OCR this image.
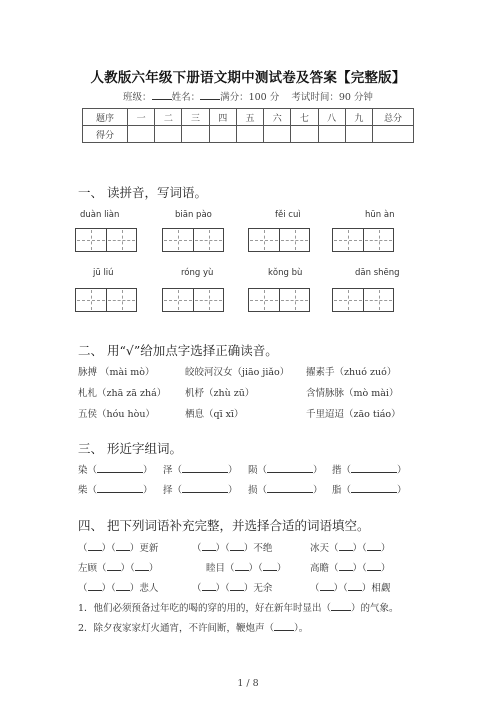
人教版六年级下册语文期中测试卷及答案【完整版】
班级： 姓名： 满分：100 分 考试时间：90 分钟
题序	一	二	三	四	五	六	七	八	九	总分
得分										
一、 读拼音，写词语。
duàn liàn	biān pào	fěi cuì	hūn àn
jū liú	róng yù	kǒng bù	dān shēng
二、 用“√”给加点字选择正确读音。
脉搏 （mài mò）	皎皎河汉女（jiāo jiǎo） 擢素手（zhuó zuó）
札札（zhā zā zhá） 机杼（zhù zū）	含情脉脉（mò mài）
五侯（hóu hòu）	栖息（qī xī）	千里迢迢（zāo tiáo）
三、 形近字组词。
染（	） 泽（	） 陨（	） 揩（	）
柴（	） 择（	） 损（	） 脂（	）
四、 把下列词语补充完整，并选择合适的词语填空。
（ ）（ ）更新	（ ）（ ）不绝	冰天（ ）（ ）
左顾（ ）（ ）	睦目（ ）（ ） 高瞻（ ）（ ）
（ ）（ ）悲人	（ ）（ ）无余	（ ）（ ）相觑
1．他们必须预备过年吃的喝的穿的用的，好在新年时显出（ ）的气象。
2．除夕夜家家灯火通宵，不许间断，鞭炮声（ ）。
1 / 8
